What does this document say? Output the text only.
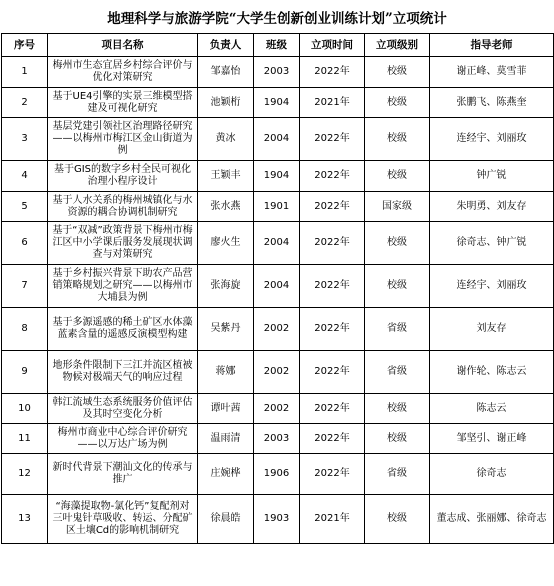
地理科学与旅游学院“大学生创新创业训练计划”立项统计
序号	项目名称	负责人	班级	立项时间	立项级别	指导老师
1	梅州市生态宜居乡村综合评价与优化对策研究	邹嘉怡	2003	2022年	校级	谢正峰、莫雪菲
2	基于UE4引擎的实景三维模型搭建及可视化研究	池颖桁	1904	2021年	校级	张鹏飞、陈燕奎
3	基层党建引领社区治理路径研究——以梅州市梅江区金山街道为例	黄冰	2004	2022年	校级	连经宇、刘丽玫
4	基于GIS的数字乡村全民可视化治理小程序设计	王颖丰	1904	2022年	校级	钟广锐
5	基于人水关系的梅州城镇化与水资源的耦合协调机制研究	张水燕	1901	2022年	国家级	朱明勇、刘友存
6	基于“双减”政策背景下梅州市梅江区中小学课后服务发展现状调查与对策研究	廖火生	2004	2022年	校级	徐奇志、钟广锐
7	基于乡村振兴背景下助农产品营销策略规划之研究——以梅州市大埔县为例	张海旋	2004	2022年	校级	连经宇、刘丽玫
8	基于多源遥感的稀土矿区水体藻蓝素含量的遥感反演模型构建	吴紫丹	2002	2022年	省级	刘友存
9	地形条件限制下三江并流区植被物候对极端天气的响应过程	蒋娜	2002	2022年	省级	谢作轮、陈志云
10	韩江流域生态系统服务价值评估及其时空变化分析	谭叶茜	2002	2022年	校级	陈志云
11	梅州市商业中心综合评价研究——以万达广场为例	温雨清	2003	2022年	校级	邹坚引、谢正峰
12	新时代背景下潮汕文化的传承与推广	庄婉桦	1906	2022年	省级	徐奇志
13	“海藻提取物-氯化钙”复配剂对三叶鬼针草吸收、转运、分配矿区土壤Cd的影响机制研究	徐晨皓	1903	2021年	校级	董志成、张丽娜、徐奇志
